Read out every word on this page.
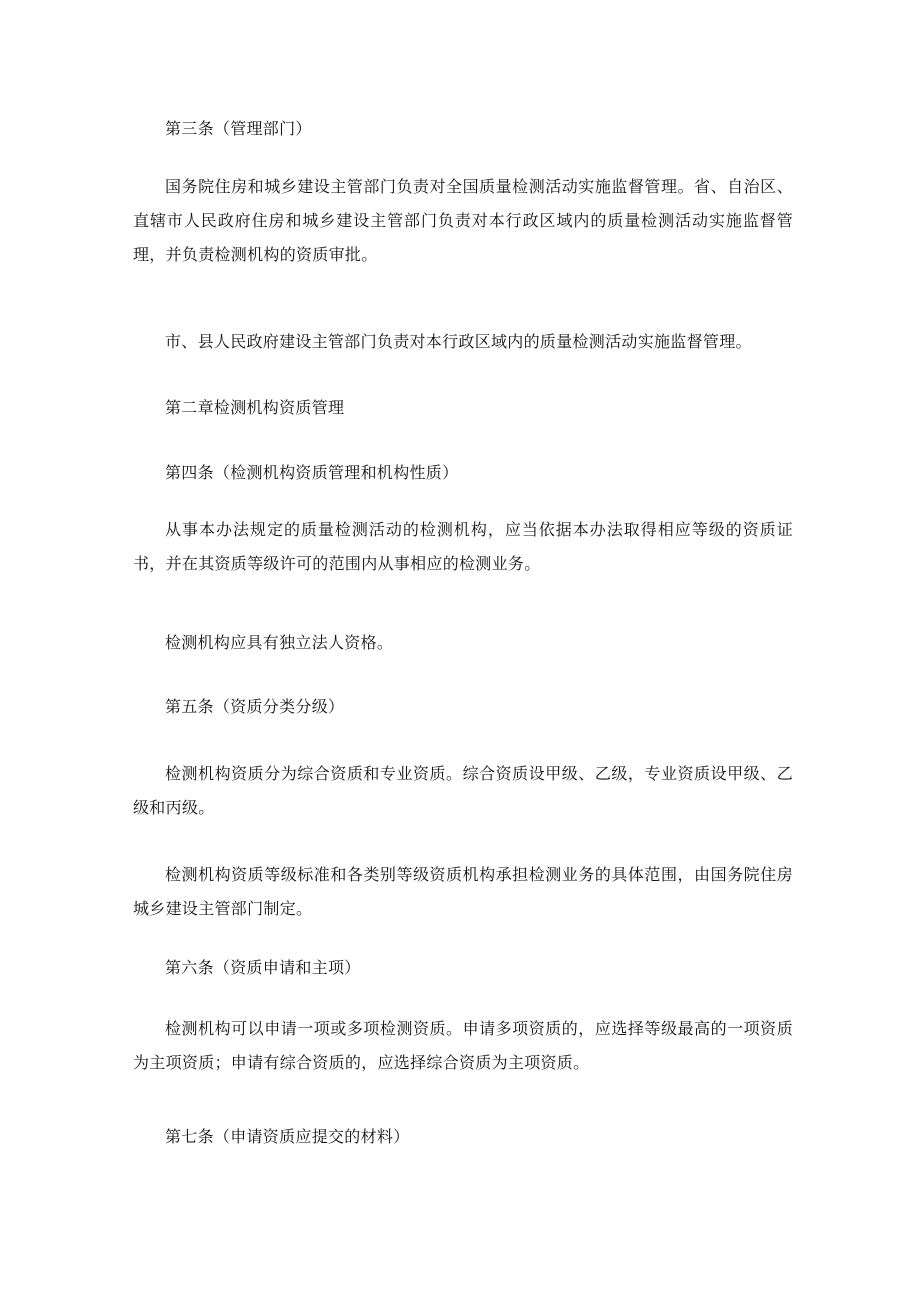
第三条（管理部门）

国务院住房和城乡建设主管部门负责对全国质量检测活动实施监督管理。省、自治区、直辖市人民政府住房和城乡建设主管部门负责对本行政区域内的质量检测活动实施监督管理，并负责检测机构的资质审批。

市、县人民政府建设主管部门负责对本行政区域内的质量检测活动实施监督管理。

第二章检测机构资质管理

第四条（检测机构资质管理和机构性质）

从事本办法规定的质量检测活动的检测机构，应当依据本办法取得相应等级的资质证书，并在其资质等级许可的范围内从事相应的检测业务。

检测机构应具有独立法人资格。

第五条（资质分类分级）

检测机构资质分为综合资质和专业资质。综合资质设甲级、乙级，专业资质设甲级、乙级和丙级。

检测机构资质等级标准和各类别等级资质机构承担检测业务的具体范围，由国务院住房城乡建设主管部门制定。

第六条（资质申请和主项）

检测机构可以申请一项或多项检测资质。申请多项资质的，应选择等级最高的一项资质为主项资质；申请有综合资质的，应选择综合资质为主项资质。

第七条（申请资质应提交的材料）
